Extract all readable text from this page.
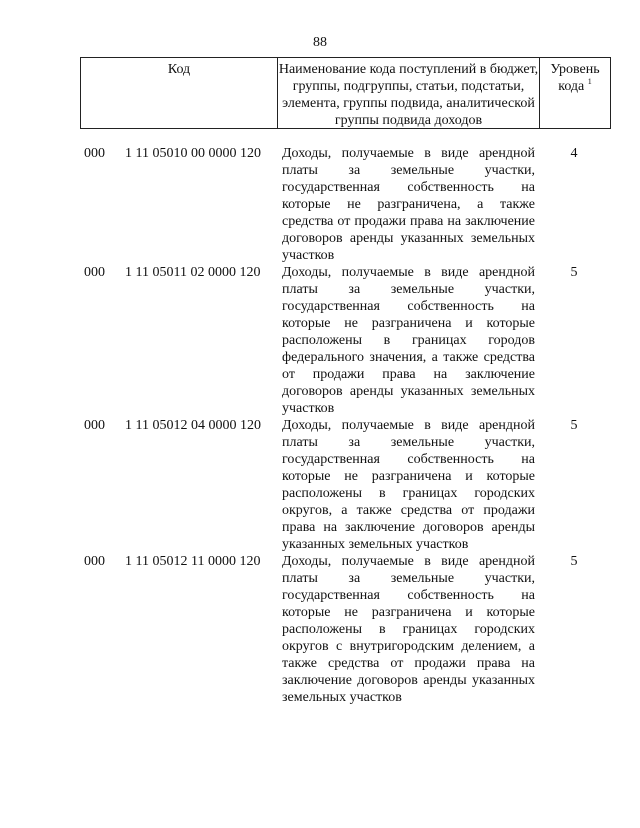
88
Код	Наименование кода поступлений в бюджет, группы, подгруппы, статьи, подстатьи, элемента, группы подвида, аналитической группы подвида доходов
Уровень кода $^1$
000 1 11 05010 00 0000 120 Доходы, получаемые в виде арендной платы за земельные участки, государственная собственность на которые не разграничена, а также средства от продажи права на заключение договоров аренды указанных земельных участков
4
000 1 11 05011 02 0000 120 Доходы, получаемые в виде арендной платы за земельные участки, государственная собственность на которые не разграничена и которые расположены в границах городов федерального значения, а также средства от продажи права на заключение договоров аренды указанных земельных участков
5
000 1 11 05012 04 0000 120 Доходы, получаемые в виде арендной платы за земельные участки, государственная собственность на которые не разграничена и которые расположены в границах городских округов, а также средства от продажи права на заключение договоров аренды указанных земельных участков
5
000 1 11 05012 11 0000 120 Доходы, получаемые в виде арендной платы за земельные участки, государственная собственность на которые не разграничена и которые расположены в границах городских округов с внутригородским делением, а также средства от продажи права на заключение договоров аренды указанных земельных участков
5
